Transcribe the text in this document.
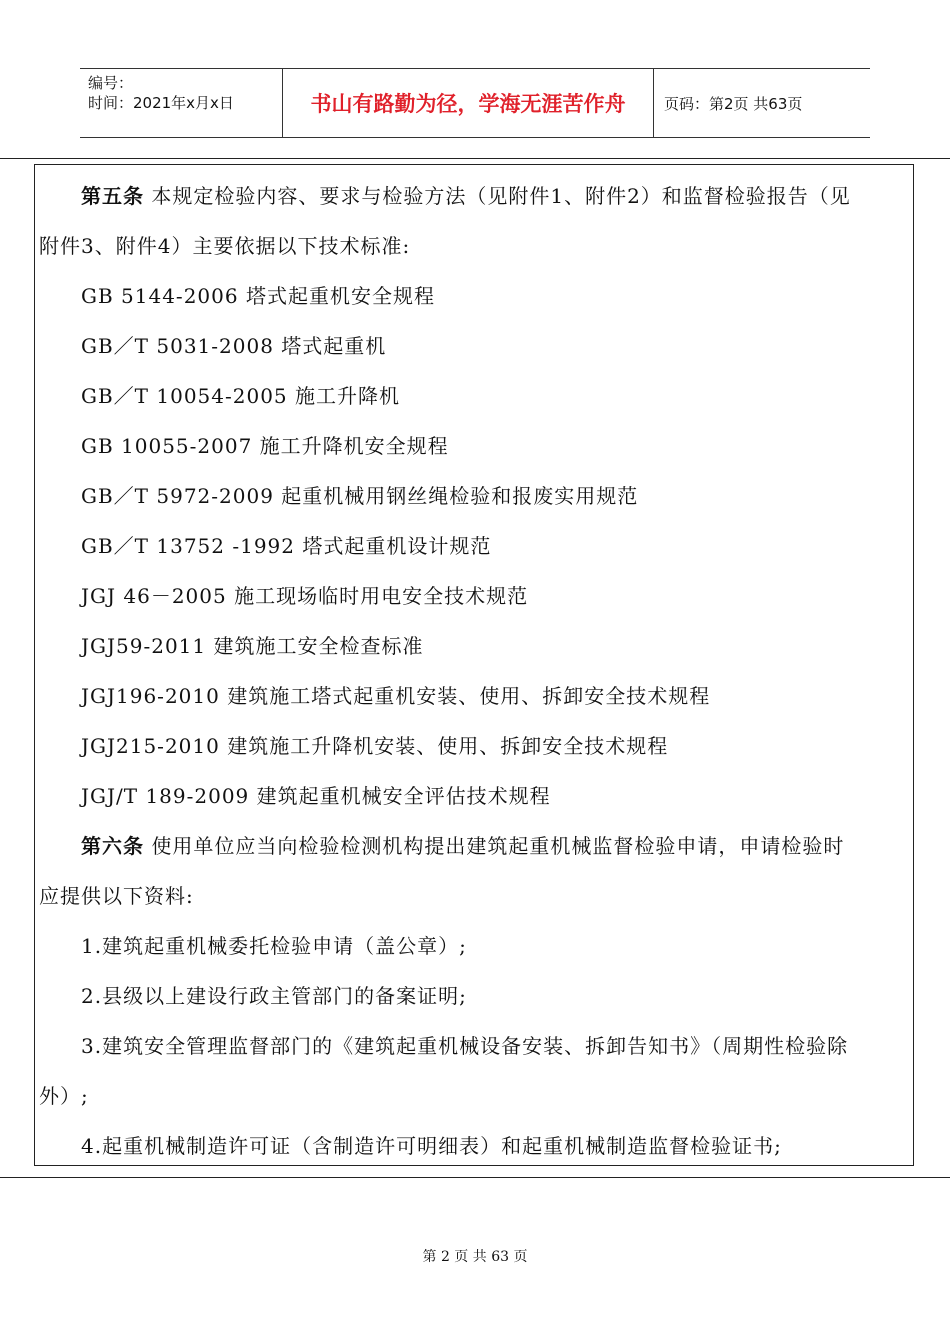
编号：
时间：2021年x月x日	书山有路勤为径，学海无涯苦作舟	页码：第2页 共63页
第五条 本规定检验内容、要求与检验方法（见附件1、附件2）和监督检验报告（见
附件3、附件4）主要依据以下技术标准:
GB 5144-2006 塔式起重机安全规程
GB／T 5031-2008 塔式起重机
GB／T 10054-2005 施工升降机
GB 10055-2007 施工升降机安全规程
GB／T 5972-2009 起重机械用钢丝绳检验和报废实用规范
GB／T 13752 -1992 塔式起重机设计规范
JGJ 46－2005 施工现场临时用电安全技术规范
JGJ59-2011 建筑施工安全检查标准
JGJ196-2010 建筑施工塔式起重机安装、使用、拆卸安全技术规程
JGJ215-2010 建筑施工升降机安装、使用、拆卸安全技术规程
JGJ/T 189-2009 建筑起重机械安全评估技术规程
第六条 使用单位应当向检验检测机构提出建筑起重机械监督检验申请，申请检验时
应提供以下资料:
1.建筑起重机械委托检验申请（盖公章）;
2.县级以上建设行政主管部门的备案证明;
3.建筑安全管理监督部门的《建筑起重机械设备安装、拆卸告知书》（周期性检验除
外）;
4.起重机械制造许可证（含制造许可明细表）和起重机械制造监督检验证书;
第 2 页 共 63 页
